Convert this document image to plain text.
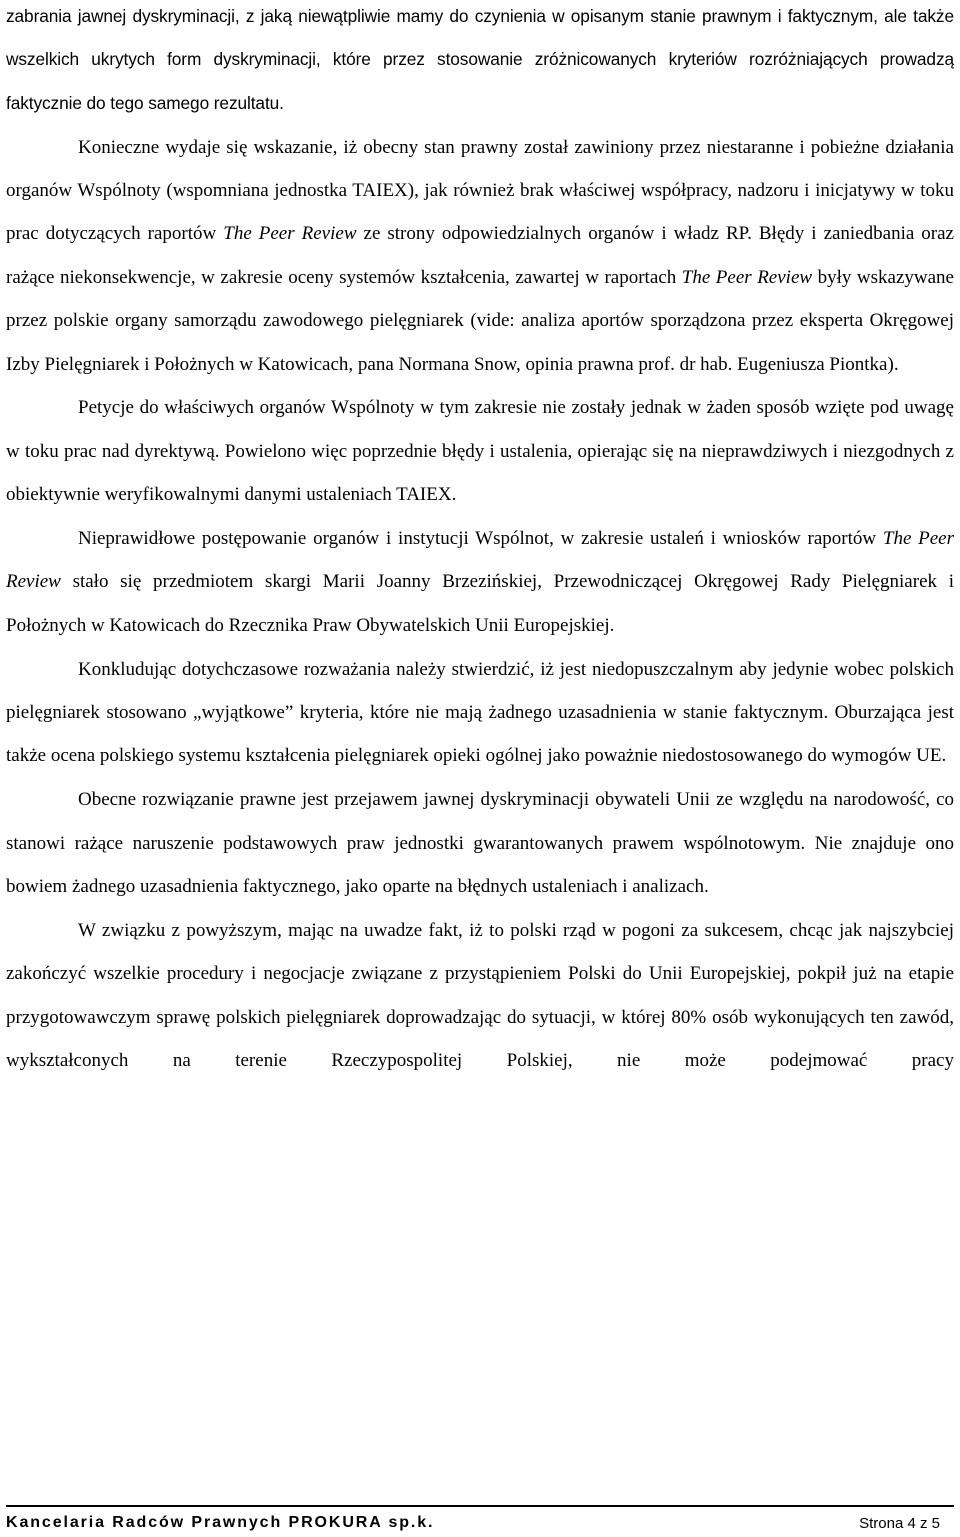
zabrania jawnej dyskryminacji, z jaką niewątpliwie mamy do czynienia w opisanym stanie prawnym i faktycznym, ale także wszelkich ukrytych form dyskryminacji, które przez stosowanie zróżnicowanych kryteriów rozróżniających prowadzą faktycznie do tego samego rezultatu.

Konieczne wydaje się wskazanie, iż obecny stan prawny został zawiniony przez niestaranne i pobieżne działania organów Wspólnoty (wspomniana jednostka TAIEX), jak również brak właściwej współpracy, nadzoru i inicjatywy w toku prac dotyczących raportów The Peer Review ze strony odpowiedzialnych organów i władz RP. Błędy i zaniedbania oraz rażące niekonsekwencje, w zakresie oceny systemów kształcenia, zawartej w raportach The Peer Review były wskazywane przez polskie organy samorządu zawodowego pielęgniarek (vide: analiza aportów sporządzona przez eksperta Okręgowej Izby Pielęgniarek i Położnych w Katowicach, pana Normana Snow, opinia prawna prof. dr hab. Eugeniusza Piontka).

Petycje do właściwych organów Wspólnoty w tym zakresie nie zostały jednak w żaden sposób wzięte pod uwagę w toku prac nad dyrektywą. Powielono więc poprzednie błędy i ustalenia, opierając się na nieprawdziwych i niezgodnych z obiektywnie weryfikowalnymi danymi ustaleniach TAIEX.

Nieprawidłowe postępowanie organów i instytucji Wspólnot, w zakresie ustaleń i wniosków raportów The Peer Review stało się przedmiotem skargi Marii Joanny Brzezińskiej, Przewodniczącej Okręgowej Rady Pielęgniarek i Położnych w Katowicach do Rzecznika Praw Obywatelskich Unii Europejskiej.

Konkludując dotychczasowe rozważania należy stwierdzić, iż jest niedopuszczalnym aby jedynie wobec polskich pielęgniarek stosowano „wyjątkowe” kryteria, które nie mają żadnego uzasadnienia w stanie faktycznym. Oburzająca jest także ocena polskiego systemu kształcenia pielęgniarek opieki ogólnej jako poważnie niedostosowanego do wymogów UE.

Obecne rozwiązanie prawne jest przejawem jawnej dyskryminacji obywateli Unii ze względu na narodowość, co stanowi rażące naruszenie podstawowych praw jednostki gwarantowanych prawem wspólnotowym. Nie znajduje ono bowiem żadnego uzasadnienia faktycznego, jako oparte na błędnych ustaleniach i analizach.

W związku z powyższym, mając na uwadze fakt, iż to polski rząd w pogoni za sukcesem, chcąc jak najszybciej zakończyć wszelkie procedury i negocjacje związane z przystąpieniem Polski do Unii Europejskiej, pokpił już na etapie przygotowawczym sprawę polskich pielęgniarek doprowadzając do sytuacji, w której 80% osób wykonujących ten zawód, wykształconych na terenie Rzeczypospolitej Polskiej, nie może podejmować pracy

Kancelaria Radców Prawnych PROKURA sp.k.	Strona 4 z 5
